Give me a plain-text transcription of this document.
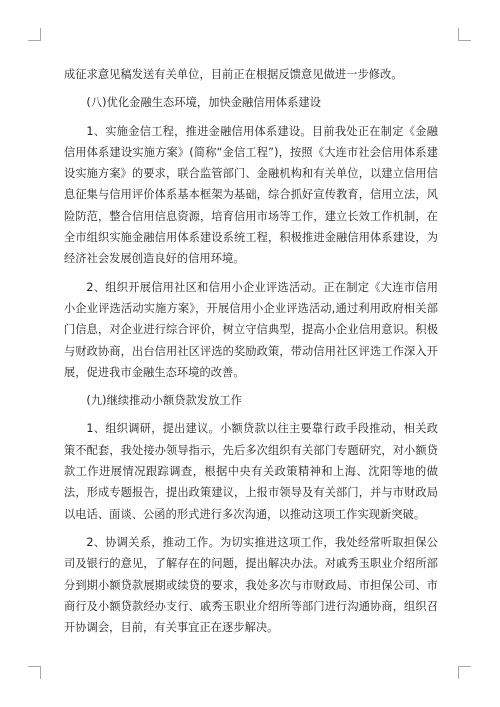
成征求意见稿发送有关单位，目前正在根据反馈意见做进一步修改。

(八)优化金融生态环境，加快金融信用体系建设

1、实施金信工程，推进金融信用体系建设。目前我处正在制定《金融信用体系建设实施方案》(简称“金信工程”)，按照《大连市社会信用体系建设实施方案》的要求，联合监管部门、金融机构和有关单位，以建立信用信息征集与信用评价体系基本框架为基础，综合抓好宣传教育，信用立法，风险防范，整合信用信息资源，培育信用市场等工作，建立长效工作机制，在全市组织实施金融信用体系建设系统工程，积极推进金融信用体系建设，为经济社会发展创造良好的信用环境。

2、组织开展信用社区和信用小企业评选活动。正在制定《大连市信用小企业评选活动实施方案》，开展信用小企业评选活动,通过利用政府相关部门信息，对企业进行综合评价，树立守信典型，提高小企业信用意识。积极与财政协商，出台信用社区评选的奖励政策，带动信用社区评选工作深入开展，促进我市金融生态环境的改善。

(九)继续推动小额贷款发放工作

1、组织调研，提出建议。小额贷款以往主要靠行政手段推动，相关政策不配套，我处接办领导指示，先后多次组织有关部门专题研究，对小额贷款工作进展情况跟踪调查，根据中央有关政策精神和上海、沈阳等地的做法，形成专题报告，提出政策建议，上报市领导及有关部门，并与市财政局以电话、面谈、公函的形式进行多次沟通，以推动这项工作实现新突破。

2、协调关系，推动工作。为切实推进这项工作，我处经常听取担保公司及银行的意见，了解存在的问题，提出解决办法。对戚秀玉职业介绍所部分到期小额贷款展期或续贷的要求，我处多次与市财政局、市担保公司、市商行及小额贷款经办支行、戚秀玉职业介绍所等部门进行沟通协商，组织召开协调会，目前，有关事宜正在逐步解决。
